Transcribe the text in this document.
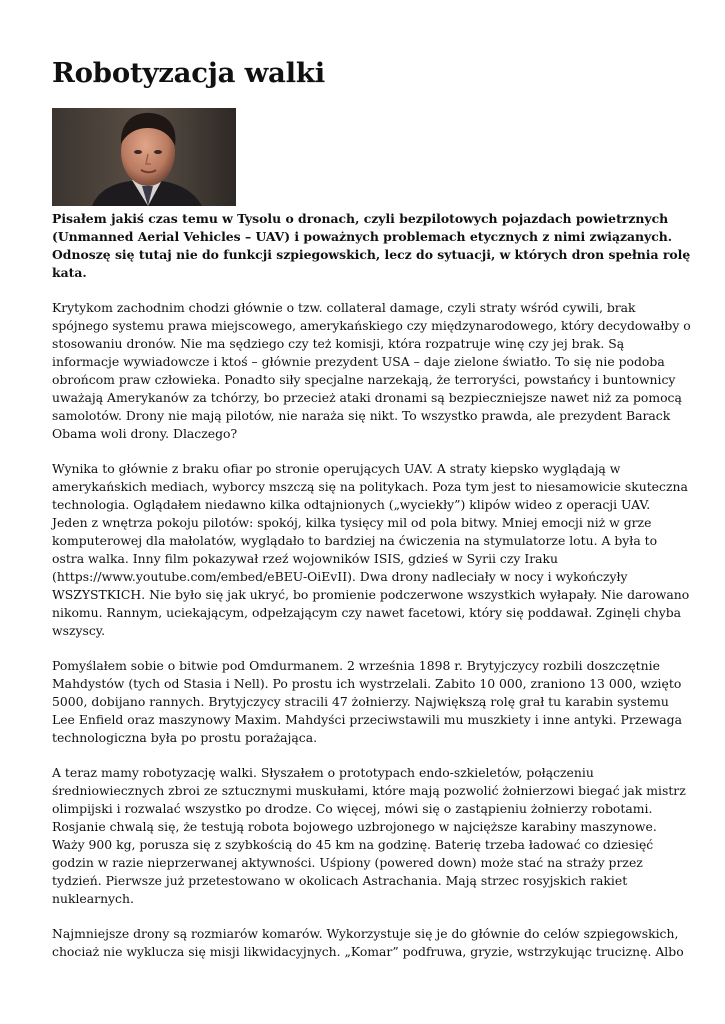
Robotyzacja walki

Pisałem jakiś czas temu w Tysolu o dronach, czyli bezpilotowych pojazdach powietrznych
(Unmanned Aerial Vehicles – UAV) i poważnych problemach etycznych z nimi związanych.
Odnoszę się tutaj nie do funkcji szpiegowskich, lecz do sytuacji, w których dron spełnia rolę
kata.

Krytykom zachodnim chodzi głównie o tzw. collateral damage, czyli straty wśród cywili, brak
spójnego systemu prawa miejscowego, amerykańskiego czy międzynarodowego, który decydowałby o
stosowaniu dronów. Nie ma sędziego czy też komisji, która rozpatruje winę czy jej brak. Są
informacje wywiadowcze i ktoś – głównie prezydent USA – daje zielone światło. To się nie podoba
obrońcom praw człowieka. Ponadto siły specjalne narzekają, że terroryści, powstańcy i buntownicy
uważają Amerykanów za tchórzy, bo przecież ataki dronami są bezpieczniejsze nawet niż za pomocą
samolotów. Drony nie mają pilotów, nie naraża się nikt. To wszystko prawda, ale prezydent Barack
Obama woli drony. Dlaczego?

Wynika to głównie z braku ofiar po stronie operujących UAV. A straty kiepsko wyglądają w
amerykańskich mediach, wyborcy mszczą się na politykach. Poza tym jest to niesamowicie skuteczna
technologia. Oglądałem niedawno kilka odtajnionych („wyciekły”) klipów wideo z operacji UAV.
Jeden z wnętrza pokoju pilotów: spokój, kilka tysięcy mil od pola bitwy. Mniej emocji niż w grze
komputerowej dla małolatów, wyglądało to bardziej na ćwiczenia na stymulatorze lotu. A była to
ostra walka. Inny film pokazywał rzeź wojowników ISIS, gdzieś w Syrii czy Iraku
(https://www.youtube.com/embed/eBEU-OiEvII). Dwa drony nadleciały w nocy i wykończyły
WSZYSTKICH. Nie było się jak ukryć, bo promienie podczerwone wszystkich wyłapały. Nie darowano
nikomu. Rannym, uciekającym, odpełzającym czy nawet facetowi, który się poddawał. Zginęli chyba
wszyscy.

Pomyślałem sobie o bitwie pod Omdurmanem. 2 września 1898 r. Brytyjczycy rozbili doszczętnie
Mahdystów (tych od Stasia i Nell). Po prostu ich wystrzelali. Zabito 10 000, zraniono 13 000, wzięto
5000, dobijano rannych. Brytyjczycy stracili 47 żołnierzy. Największą rolę grał tu karabin systemu
Lee Enfield oraz maszynowy Maxim. Mahdyści przeciwstawili mu muszkiety i inne antyki. Przewaga
technologiczna była po prostu porażająca.

A teraz mamy robotyzację walki. Słyszałem o prototypach endo-szkieletów, połączeniu
średniowiecznych zbroi ze sztucznymi muskułami, które mają pozwolić żołnierzowi biegać jak mistrz
olimpijski i rozwalać wszystko po drodze. Co więcej, mówi się o zastąpieniu żołnierzy robotami.
Rosjanie chwalą się, że testują robota bojowego uzbrojonego w najcięższe karabiny maszynowe.
Waży 900 kg, porusza się z szybkością do 45 km na godzinę. Baterię trzeba ładować co dziesięć
godzin w razie nieprzerwanej aktywności. Uśpiony (powered down) może stać na straży przez
tydzień. Pierwsze już przetestowano w okolicach Astrachania. Mają strzec rosyjskich rakiet
nuklearnych.

Najmniejsze drony są rozmiarów komarów. Wykorzystuje się je do głównie do celów szpiegowskich,
chociaż nie wyklucza się misji likwidacyjnych. „Komar” podfruwa, gryzie, wstrzykując truciznę. Albo
